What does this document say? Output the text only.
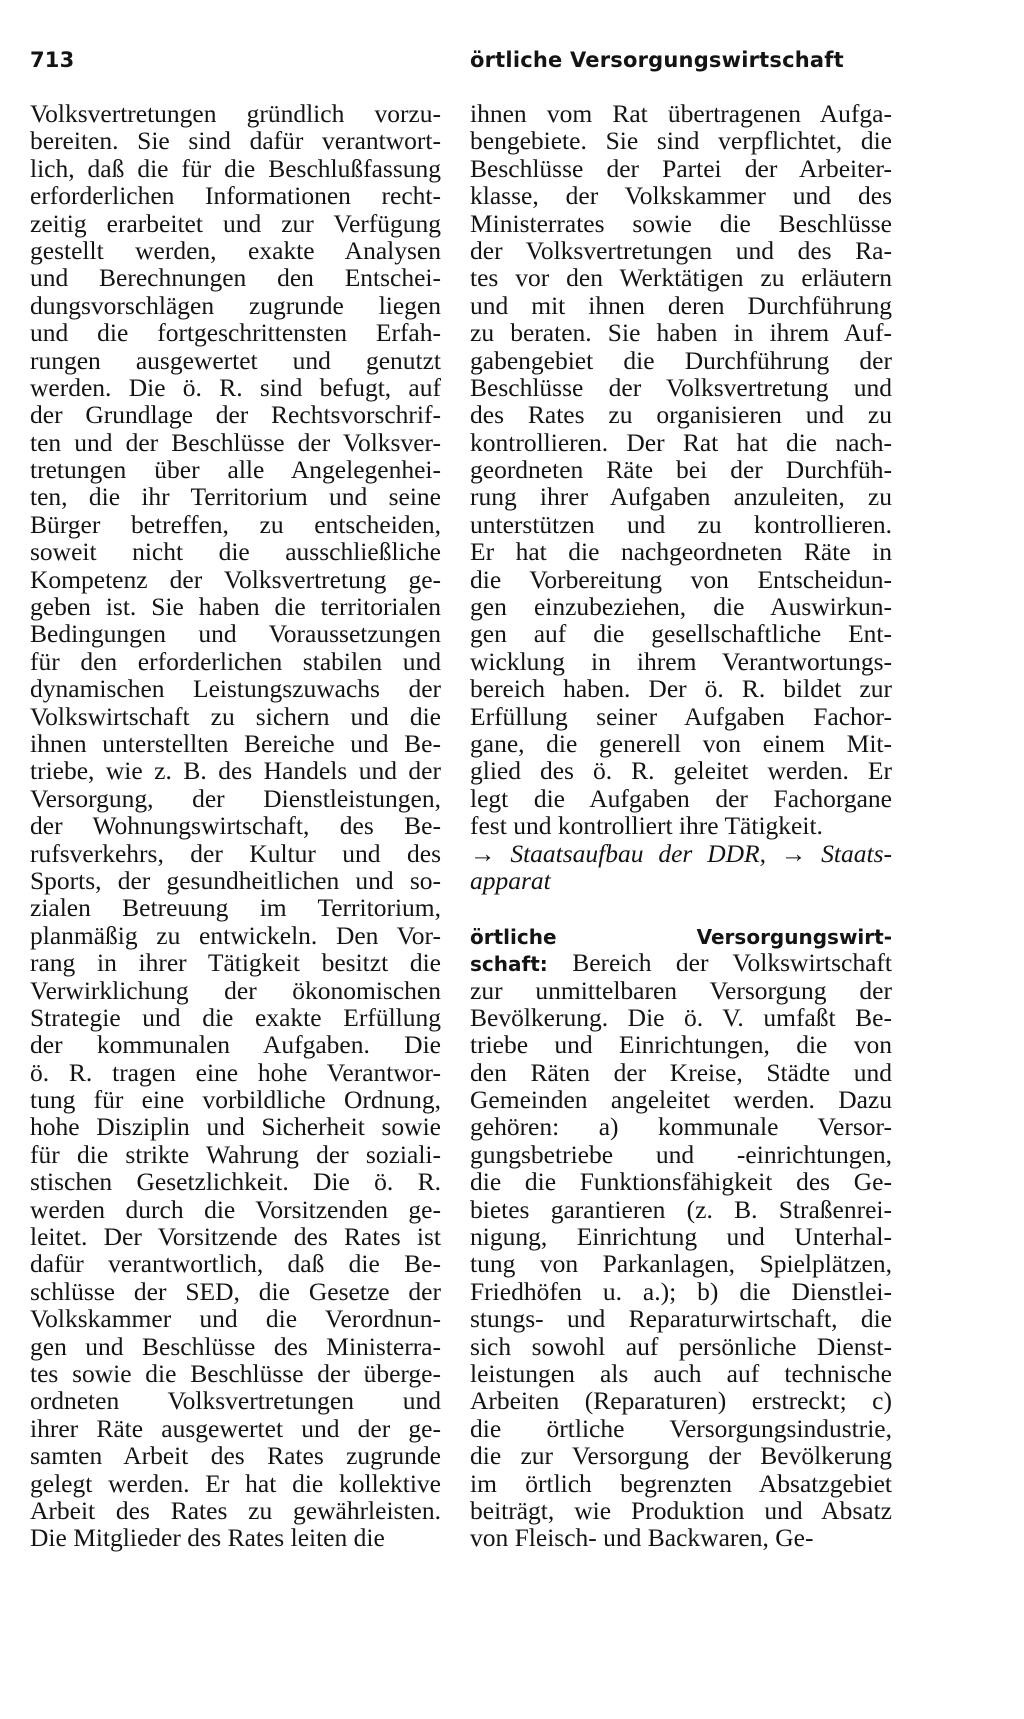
713	örtliche Versorgungswirtschaft
Volksvertretungen gründlich vorzu-
bereiten. Sie sind dafür verantwort-
lich, daß die für die Beschlußfassung
erforderlichen Informationen recht-
zeitig erarbeitet und zur Verfügung
gestellt werden, exakte Analysen
und Berechnungen den Entschei-
dungsvorschlägen zugrunde liegen
und die fortgeschrittensten Erfah-
rungen ausgewertet und genutzt
werden. Die ö. R. sind befugt, auf
der Grundlage der Rechtsvorschrif-
ten und der Beschlüsse der Volksver-
tretungen über alle Angelegenhei-
ten, die ihr Territorium und seine
Bürger betreffen, zu entscheiden,
soweit nicht die ausschließliche
Kompetenz der Volksvertretung ge-
geben ist. Sie haben die territorialen
Bedingungen und Voraussetzungen
für den erforderlichen stabilen und
dynamischen Leistungszuwachs der
Volkswirtschaft zu sichern und die
ihnen unterstellten Bereiche und Be-
triebe, wie z. B. des Handels und der
Versorgung, der Dienstleistungen,
der Wohnungswirtschaft, des Be-
rufsverkehrs, der Kultur und des
Sports, der gesundheitlichen und so-
zialen Betreuung im Territorium,
planmäßig zu entwickeln. Den Vor-
rang in ihrer Tätigkeit besitzt die
Verwirklichung der ökonomischen
Strategie und die exakte Erfüllung
der kommunalen Aufgaben. Die
ö. R. tragen eine hohe Verantwor-
tung für eine vorbildliche Ordnung,
hohe Disziplin und Sicherheit sowie
für die strikte Wahrung der soziali-
stischen Gesetzlichkeit. Die ö. R.
werden durch die Vorsitzenden ge-
leitet. Der Vorsitzende des Rates ist
dafür verantwortlich, daß die Be-
schlüsse der SED, die Gesetze der
Volkskammer und die Verordnun-
gen und Beschlüsse des Ministerra-
tes sowie die Beschlüsse der überge-
ordneten Volksvertretungen und
ihrer Räte ausgewertet und der ge-
samten Arbeit des Rates zugrunde
gelegt werden. Er hat die kollektive
Arbeit des Rates zu gewährleisten.
Die Mitglieder des Rates leiten die
ihnen vom Rat übertragenen Aufga-
bengebiete. Sie sind verpflichtet, die
Beschlüsse der Partei der Arbeiter-
klasse, der Volkskammer und des
Ministerrates sowie die Beschlüsse
der Volksvertretungen und des Ra-
tes vor den Werktätigen zu erläutern
und mit ihnen deren Durchführung
zu beraten. Sie haben in ihrem Auf-
gabengebiet die Durchführung der
Beschlüsse der Volksvertretung und
des Rates zu organisieren und zu
kontrollieren. Der Rat hat die nach-
geordneten Räte bei der Durchfüh-
rung ihrer Aufgaben anzuleiten, zu
unterstützen und zu kontrollieren.
Er hat die nachgeordneten Räte in
die Vorbereitung von Entscheidun-
gen einzubeziehen, die Auswirkun-
gen auf die gesellschaftliche Ent-
wicklung in ihrem Verantwortungs-
bereich haben. Der ö. R. bildet zur
Erfüllung seiner Aufgaben Fachor-
gane, die generell von einem Mit-
glied des ö. R. geleitet werden. Er
legt die Aufgaben der Fachorgane
fest und kontrolliert ihre Tätigkeit.
→ Staatsaufbau der DDR, → Staats-
apparat
örtliche Versorgungswirt-
schaft: Bereich der Volkswirtschaft
zur unmittelbaren Versorgung der
Bevölkerung. Die ö. V. umfaßt Be-
triebe und Einrichtungen, die von
den Räten der Kreise, Städte und
Gemeinden angeleitet werden. Dazu
gehören: a) kommunale Versor-
gungsbetriebe und -einrichtungen,
die die Funktionsfähigkeit des Ge-
bietes garantieren (z. B. Straßenrei-
nigung, Einrichtung und Unterhal-
tung von Parkanlagen, Spielplätzen,
Friedhöfen u. a.); b) die Dienstlei-
stungs- und Reparaturwirtschaft, die
sich sowohl auf persönliche Dienst-
leistungen als auch auf technische
Arbeiten (Reparaturen) erstreckt; c)
die örtliche Versorgungsindustrie,
die zur Versorgung der Bevölkerung
im örtlich begrenzten Absatzgebiet
beiträgt, wie Produktion und Absatz
von Fleisch- und Backwaren, Ge-
